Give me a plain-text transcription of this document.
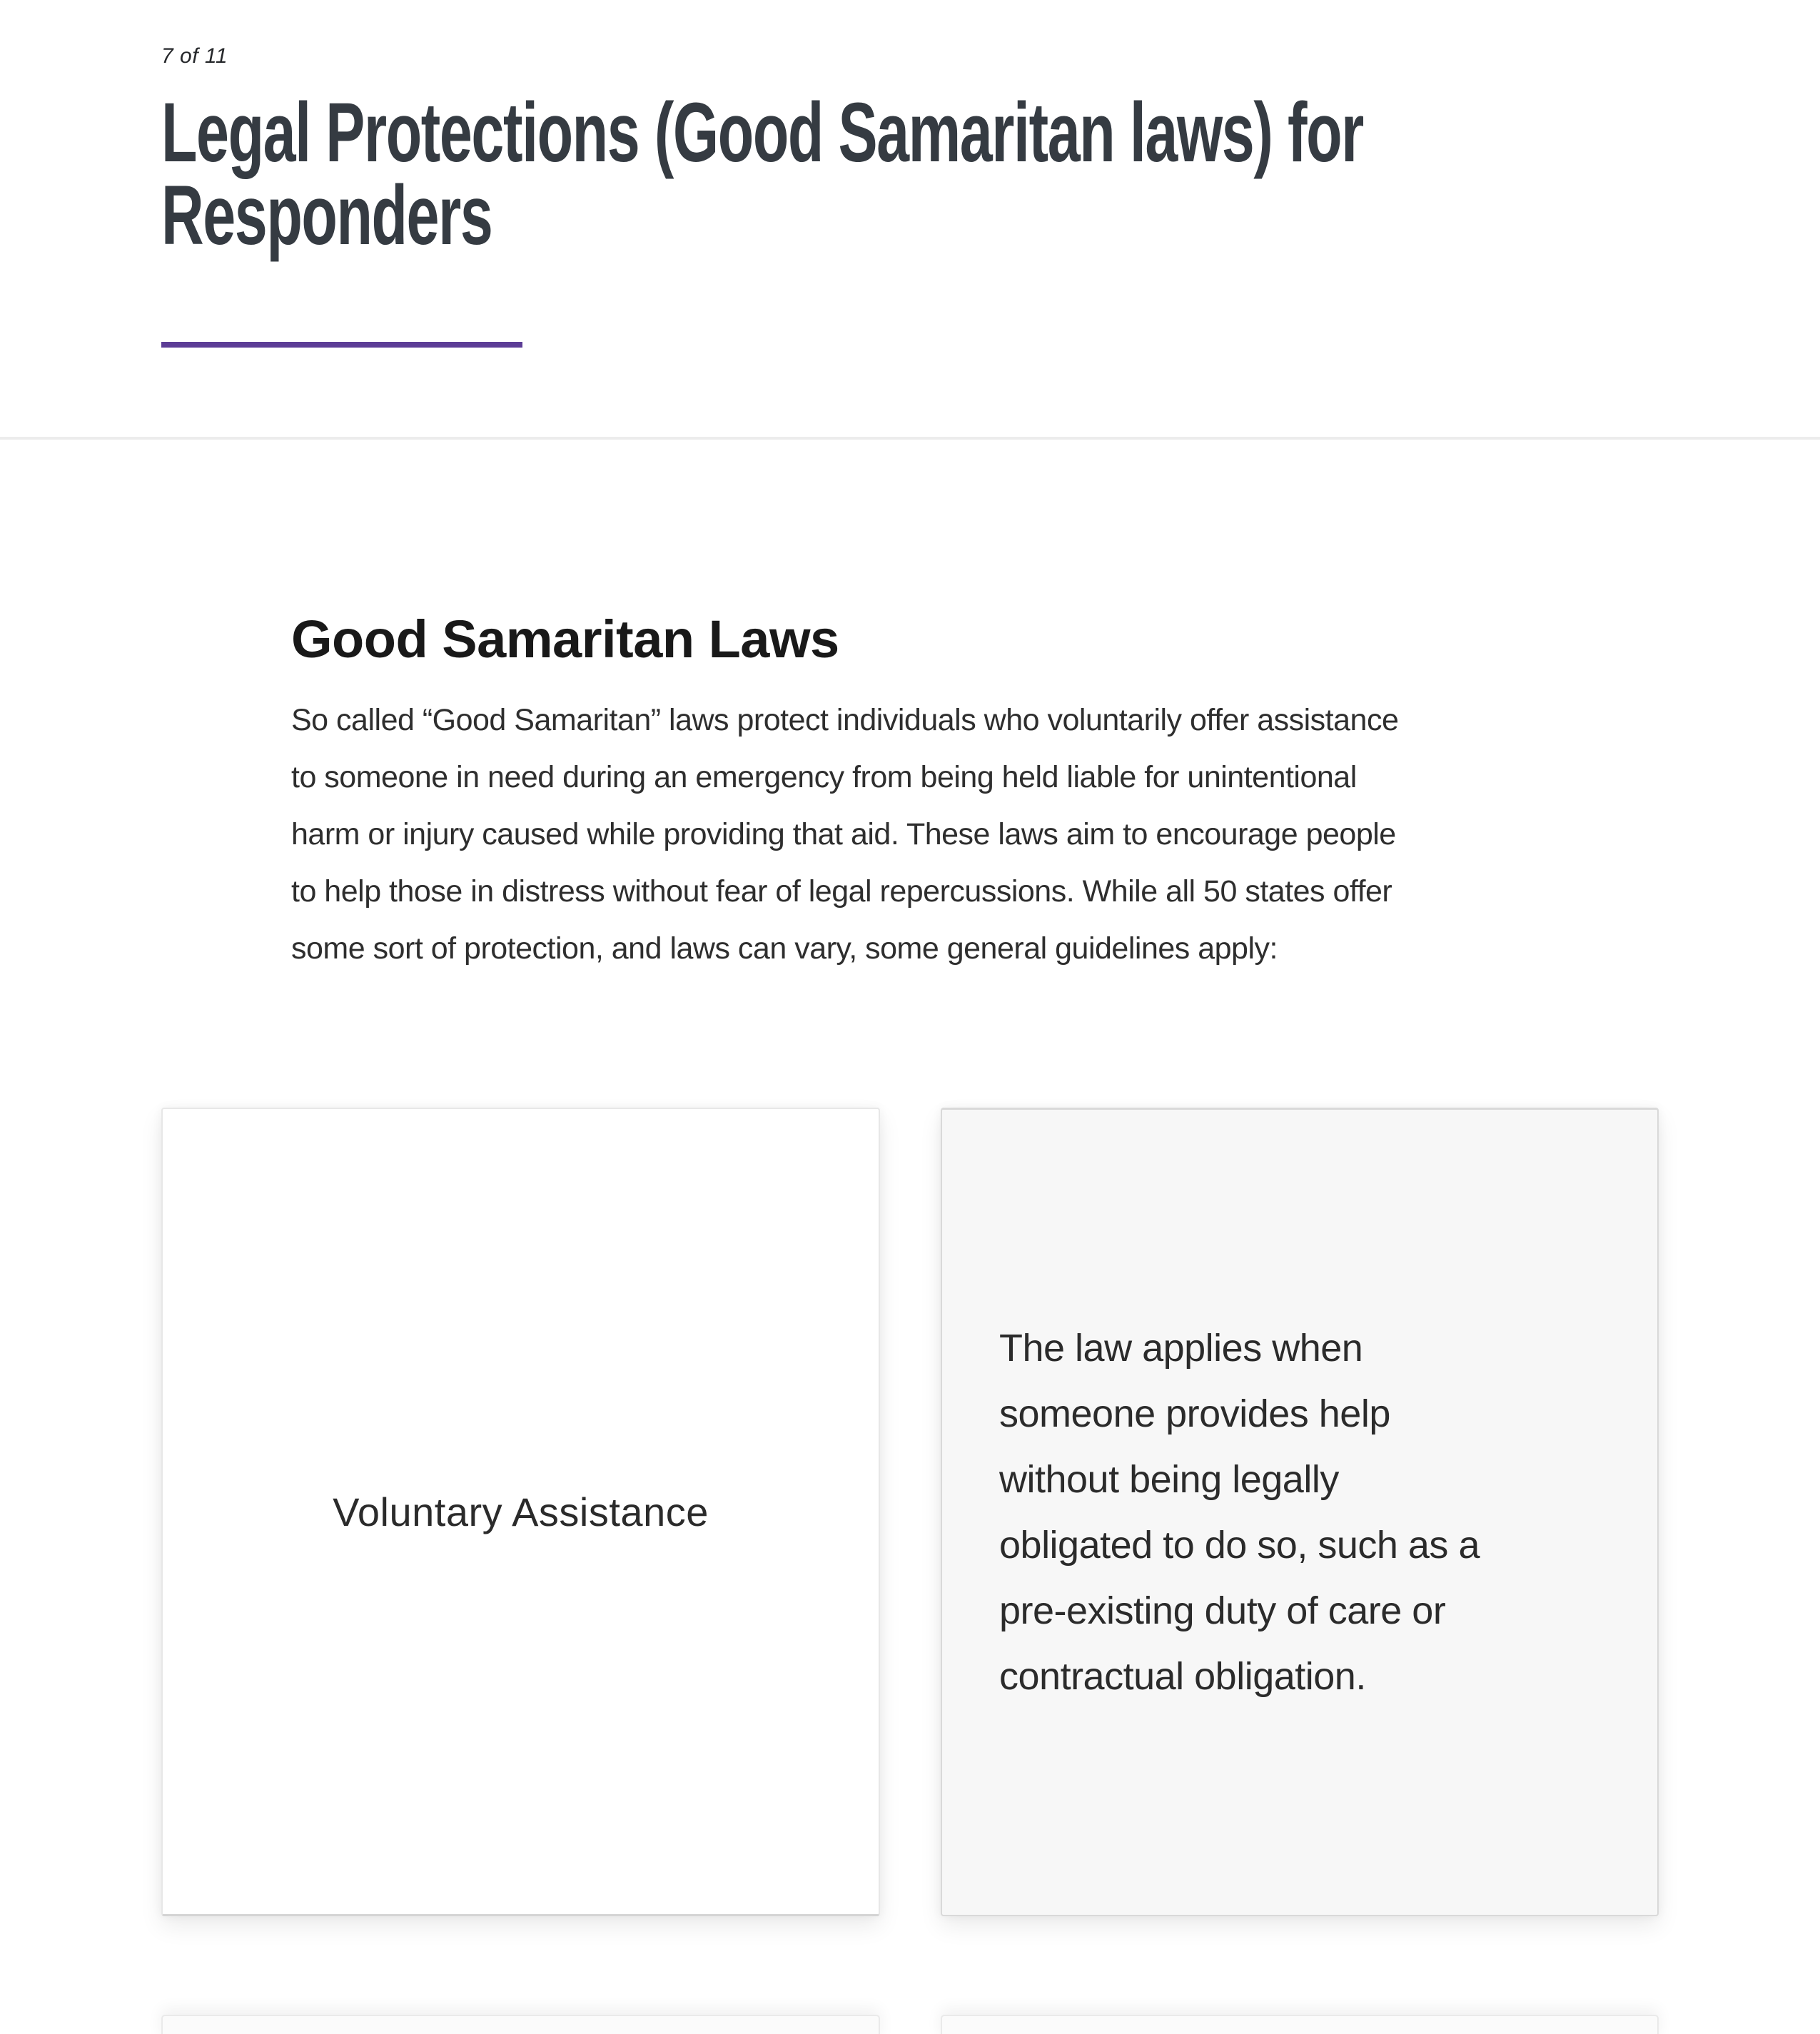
7 of 11
Legal Protections (Good Samaritan laws) for
Responders
Good Samaritan Laws
So called “Good Samaritan” laws protect individuals who voluntarily offer assistance
to someone in need during an emergency from being held liable for unintentional
harm or injury caused while providing that aid. These laws aim to encourage people
to help those in distress without fear of legal repercussions. While all 50 states offer
some sort of protection, and laws can vary, some general guidelines apply:
Voluntary Assistance
The law applies when
someone provides help
without being legally
obligated to do so, such as a
pre-existing duty of care or
contractual obligation.
